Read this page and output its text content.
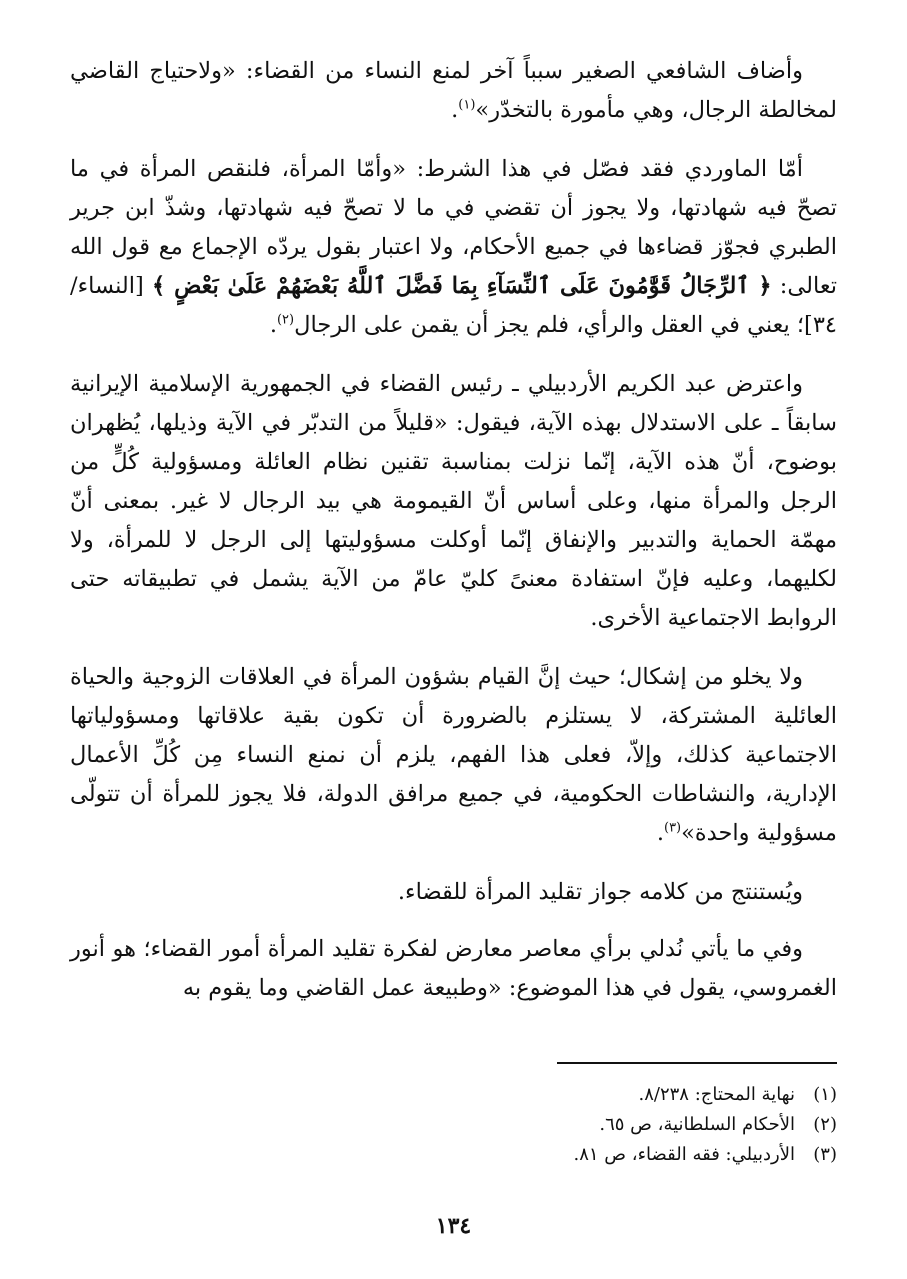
وأضاف الشافعي الصغير سبباً آخر لمنع النساء من القضاء: «ولاحتياج القاضي لمخالطة الرجال، وهي مأمورة بالتخدّر»$^{(١)}$.

أمّا الماوردي فقد فصّل في هذا الشرط: «وأمّا المرأة، فلنقص المرأة في ما تصحّ فيه شهادتها، ولا يجوز أن تقضي في ما لا تصحّ فيه شهادتها، وشذّ ابن جرير الطبري فجوّز قضاءها في جميع الأحكام، ولا اعتبار بقول يردّه الإجماع مع قول الله تعالى: ﴿ ٱلرِّجَالُ قَوَّٰمُونَ عَلَى ٱلنِّسَآءِ بِمَا فَضَّلَ ٱللَّهُ بَعْضَهُمْ عَلَىٰ بَعْضٍ ﴾ [النساء/ ٣٤]؛ يعني في العقل والرأي، فلم يجز أن يقمن على الرجال$^{(٢)}$.

واعترض عبد الكريم الأردبيلي ـ رئيس القضاء في الجمهورية الإسلامية الإيرانية سابقاً ـ على الاستدلال بهذه الآية، فيقول: «قليلاً من التدبّر في الآية وذيلها، يُظهران بوضوح، أنّ هذه الآية، إنّما نزلت بمناسبة تقنين نظام العائلة ومسؤولية كُلٍّ من الرجل والمرأة منها، وعلى أساس أنّ القيمومة هي بيد الرجال لا غير. بمعنى أنّ مهمّة الحماية والتدبير والإنفاق إنّما أوكلت مسؤوليتها إلى الرجل لا للمرأة، ولا لكليهما، وعليه فإنّ استفادة معنىً كليّ عامّ من الآية يشمل في تطبيقاته حتى الروابط الاجتماعية الأخرى.

ولا يخلو من إشكال؛ حيث إنَّ القيام بشؤون المرأة في العلاقات الزوجية والحياة العائلية المشتركة، لا يستلزم بالضرورة أن تكون بقية علاقاتها ومسؤولياتها الاجتماعية كذلك، وإلاّ، فعلى هذا الفهم، يلزم أن نمنع النساء مِن كُلِّ الأعمال الإدارية، والنشاطات الحكومية، في جميع مرافق الدولة، فلا يجوز للمرأة أن تتولّى مسؤولية واحدة»$^{(٣)}$.

ويُستنتج من كلامه جواز تقليد المرأة للقضاء.

وفي ما يأتي نُدلي برأي معاصر معارض لفكرة تقليد المرأة أمور القضاء؛ هو أنور الغمروسي، يقول في هذا الموضوع: «وطبيعة عمل القاضي وما يقوم به

(١)نهاية المحتاج: ٨/٢٣٨.

(٢)الأحكام السلطانية، ص ٦٥.

(٣)الأردبيلي: فقه القضاء، ص ٨١.

١٣٤
